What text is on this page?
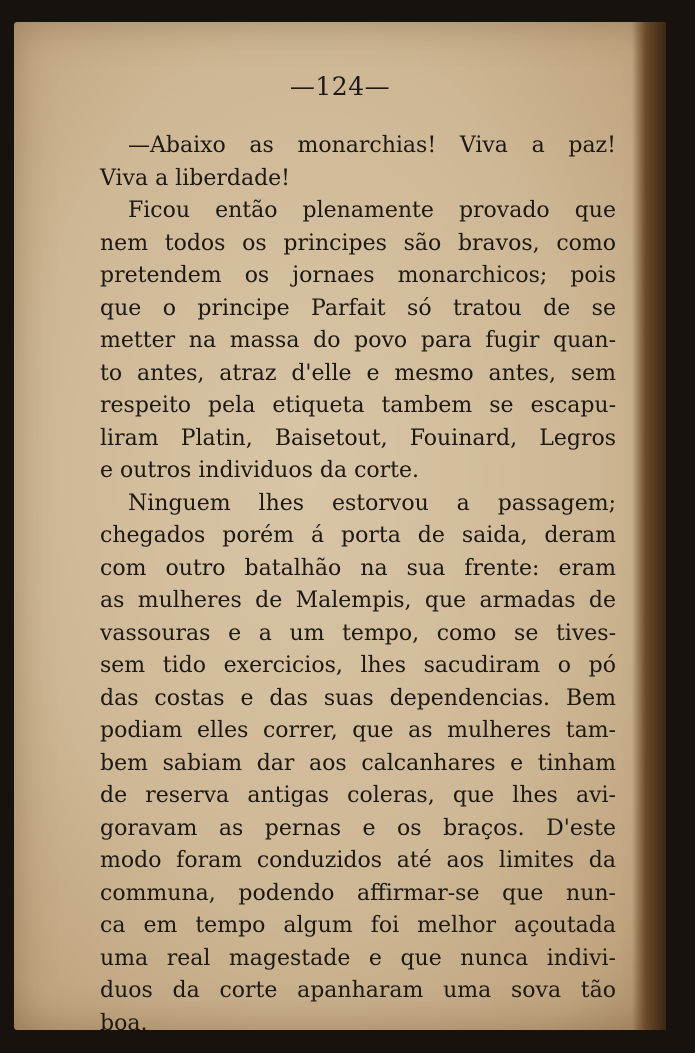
—124—
—Abaixo as monarchias! Viva a paz!
Viva a liberdade!
Ficou então plenamente provado que
nem todos os principes são bravos, como
pretendem os jornaes monarchicos; pois
que o principe Parfait só tratou de se
metter na massa do povo para fugir quan-
to antes, atraz d'elle e mesmo antes, sem
respeito pela etiqueta tambem se escapu-
liram Platin, Baisetout, Fouinard, Legros
e outros individuos da corte.
Ninguem lhes estorvou a passagem;
chegados porém á porta de saida, deram
com outro batalhão na sua frente: eram
as mulheres de Malempis, que armadas de
vassouras e a um tempo, como se tives-
sem tido exercicios, lhes sacudiram o pó
das costas e das suas dependencias. Bem
podiam elles correr, que as mulheres tam-
bem sabiam dar aos calcanhares e tinham
de reserva antigas coleras, que lhes avi-
goravam as pernas e os braços. D'este
modo foram conduzidos até aos limites da
communa, podendo affirmar-se que nun-
ca em tempo algum foi melhor açoutada
uma real magestade e que nunca indivi-
duos da corte apanharam uma sova tão
boa.
